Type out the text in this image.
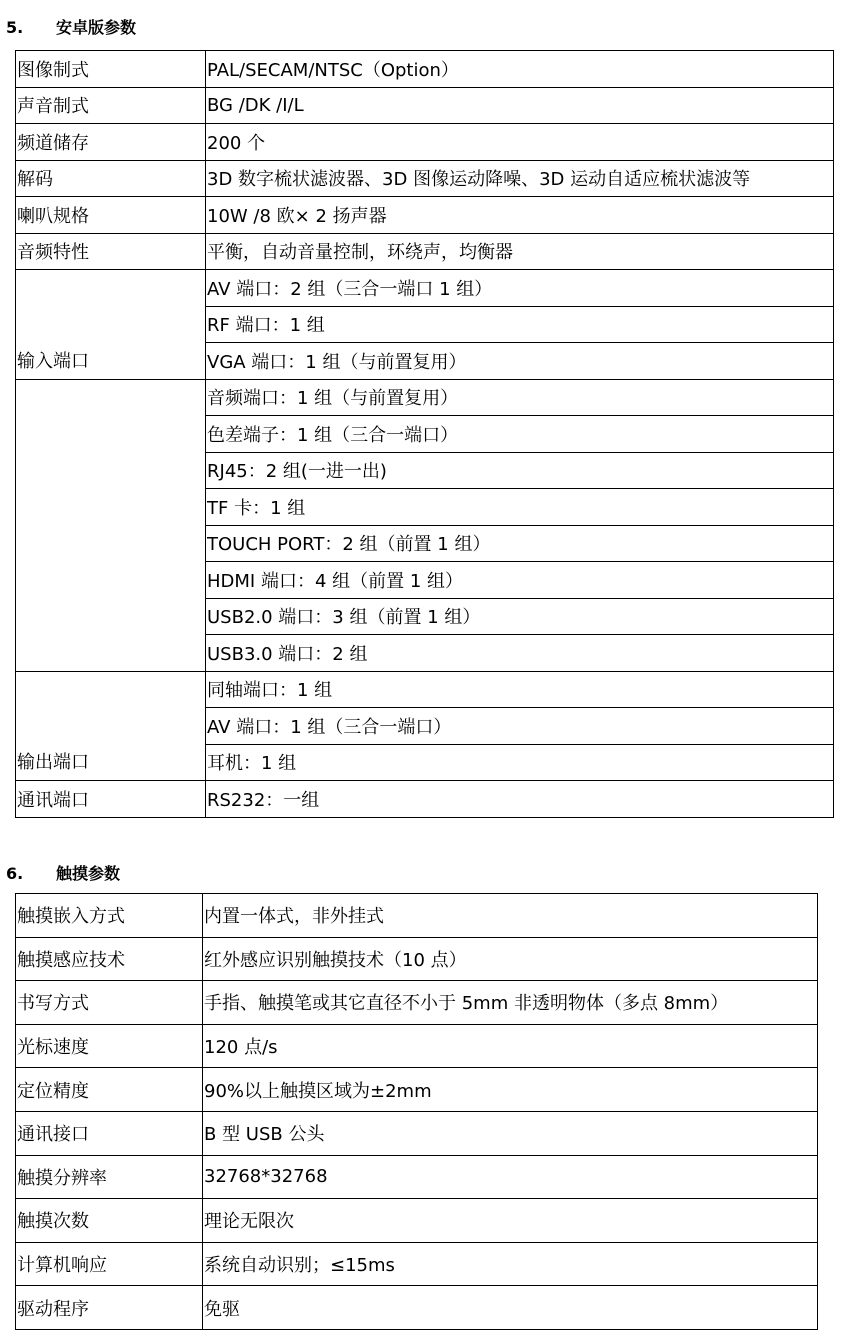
5. 安卓版参数
图像制式	PAL/SECAM/NTSC（Option）
声音制式	BG /DK /I/L
频道储存	200 个
解码	3D 数字梳状滤波器、3D 图像运动降噪、3D 运动自适应梳状滤波等
喇叭规格	10W /8 欧× 2 扬声器
音频特性	平衡，自动音量控制，环绕声，均衡器
输入端口	AV 端口：2 组（三合一端口 1 组）
	RF 端口：1 组
	VGA 端口：1 组（与前置复用）
	音频端口：1 组（与前置复用）
	色差端子：1 组（三合一端口）
	RJ45：2 组(一进一出)
	TF 卡：1 组
	TOUCH PORT：2 组（前置 1 组）
	HDMI 端口：4 组（前置 1 组）
	USB2.0 端口：3 组（前置 1 组）
	USB3.0 端口：2 组
输出端口	同轴端口：1 组
	AV 端口：1 组（三合一端口）
	耳机：1 组
通讯端口	RS232：一组
6. 触摸参数
触摸嵌入方式	内置一体式，非外挂式
触摸感应技术	红外感应识别触摸技术（10 点）
书写方式	手指、触摸笔或其它直径不小于 5mm 非透明物体（多点 8mm）
光标速度	120 点/s
定位精度	90%以上触摸区域为±2mm
通讯接口	B 型 USB 公头
触摸分辨率	32768*32768
触摸次数	理论无限次
计算机响应	系统自动识别；≤15ms
驱动程序	免驱
